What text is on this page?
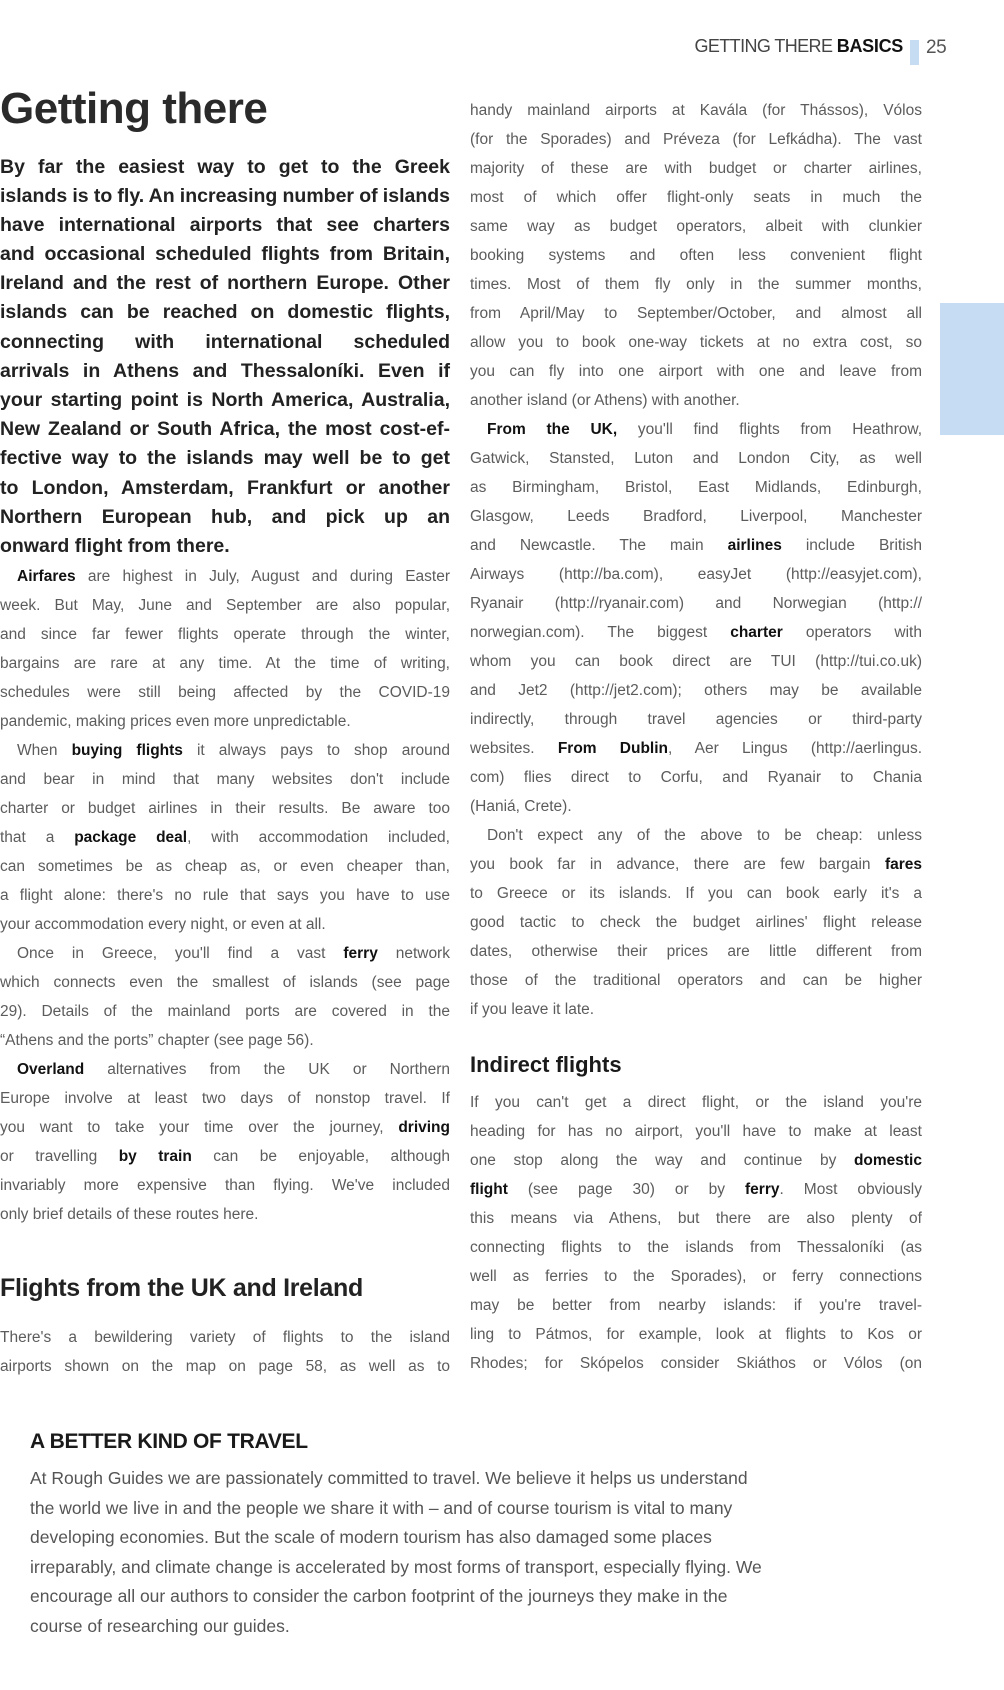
GETTING THERE BASICS 25
Getting there
By far the easiest way to get to the Greek
islands is to fly. An increasing number of islands
have international airports that see charters
and occasional scheduled flights from Britain,
Ireland and the rest of northern Europe. Other
islands can be reached on domestic flights,
connecting with international scheduled
arrivals in Athens and Thessaloníki. Even if
your starting point is North America, Australia,
New Zealand or South Africa, the most cost-ef-
fective way to the islands may well be to get
to London, Amsterdam, Frankfurt or another
Northern European hub, and pick up an
onward flight from there.
Airfares are highest in July, August and during Easter
week. But May, June and September are also popular,
and since far fewer flights operate through the winter,
bargains are rare at any time. At the time of writing,
schedules were still being affected by the COVID-19
pandemic, making prices even more unpredictable.
When buying flights it always pays to shop around
and bear in mind that many websites don't include
charter or budget airlines in their results. Be aware too
that a package deal, with accommodation included,
can sometimes be as cheap as, or even cheaper than,
a flight alone: there's no rule that says you have to use
your accommodation every night, or even at all.
Once in Greece, you'll find a vast ferry network
which connects even the smallest of islands (see page
29). Details of the mainland ports are covered in the
“Athens and the ports” chapter (see page 56).
Overland alternatives from the UK or Northern
Europe involve at least two days of nonstop travel. If
you want to take your time over the journey, driving
or travelling by train can be enjoyable, although
invariably more expensive than flying. We've included
only brief details of these routes here.
Flights from the UK and Ireland
There's a bewildering variety of flights to the island
airports shown on the map on page 58, as well as to
handy mainland airports at Kavála (for Thássos), Vólos
(for the Sporades) and Préveza (for Lefkádha). The vast
majority of these are with budget or charter airlines,
most of which offer flight-only seats in much the
same way as budget operators, albeit with clunkier
booking systems and often less convenient flight
times. Most of them fly only in the summer months,
from April/May to September/October, and almost all
allow you to book one-way tickets at no extra cost, so
you can fly into one airport with one and leave from
another island (or Athens) with another.
From the UK, you'll find flights from Heathrow,
Gatwick, Stansted, Luton and London City, as well
as Birmingham, Bristol, East Midlands, Edinburgh,
Glasgow, Leeds Bradford, Liverpool, Manchester
and Newcastle. The main airlines include British
Airways (http://ba.com), easyJet (http://easyjet.com),
Ryanair (http://ryanair.com) and Norwegian (http://
norwegian.com). The biggest charter operators with
whom you can book direct are TUI (http://tui.co.uk)
and Jet2 (http://jet2.com); others may be available
indirectly, through travel agencies or third-party
websites. From Dublin, Aer Lingus (http://aerlingus.
com) flies direct to Corfu, and Ryanair to Chania
(Haniá, Crete).
Don't expect any of the above to be cheap: unless
you book far in advance, there are few bargain fares
to Greece or its islands. If you can book early it's a
good tactic to check the budget airlines' flight release
dates, otherwise their prices are little different from
those of the traditional operators and can be higher
if you leave it late.
Indirect flights
If you can't get a direct flight, or the island you're
heading for has no airport, you'll have to make at least
one stop along the way and continue by domestic
flight (see page 30) or by ferry. Most obviously
this means via Athens, but there are also plenty of
connecting flights to the islands from Thessaloníki (as
well as ferries to the Sporades), or ferry connections
may be better from nearby islands: if you're travel-
ling to Pátmos, for example, look at flights to Kos or
Rhodes; for Skópelos consider Skiáthos or Vólos (on
A BETTER KIND OF TRAVEL
At Rough Guides we are passionately committed to travel. We believe it helps us understand
the world we live in and the people we share it with – and of course tourism is vital to many
developing economies. But the scale of modern tourism has also damaged some places
irreparably, and climate change is accelerated by most forms of transport, especially flying. We
encourage all our authors to consider the carbon footprint of the journeys they make in the
course of researching our guides.
